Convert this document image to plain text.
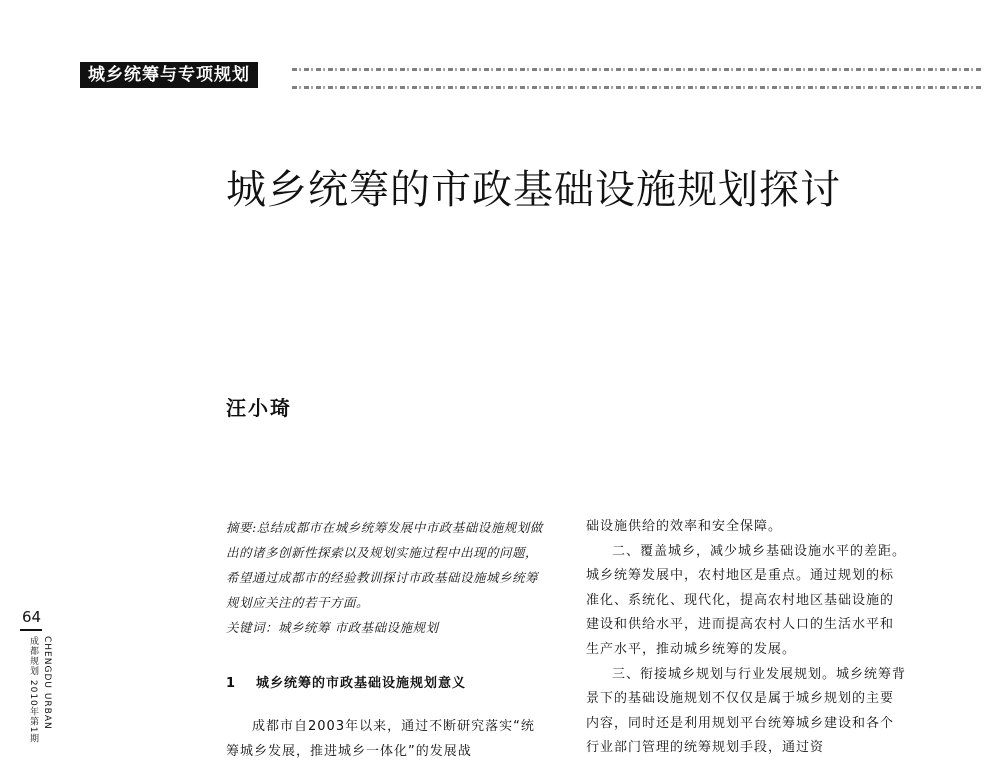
城乡统筹与专项规划
城乡统筹的市政基础设施规划探讨
汪小琦

摘要:总结成都市在城乡统筹发展中市政基础设施规划做出的诸多创新性探索以及规划实施过程中出现的问题，希望通过成都市的经验教训探讨市政基础设施城乡统筹规划应关注的若干方面。

关键词：城乡统筹 市政基础设施规划

1 城乡统筹的市政基础设施规划意义

成都市自2003年以来，通过不断研究落实“统筹城乡发展，推进城乡一体化”的发展战

础设施供给的效率和安全保障。

二、覆盖城乡，减少城乡基础设施水平的差距。城乡统筹发展中，农村地区是重点。通过规划的标准化、系统化、现代化，提高农村地区基础设施的建设和供给水平，进而提高农村人口的生活水平和生产水平，推动城乡统筹的发展。

三、衔接城乡规划与行业发展规划。城乡统筹背景下的基础设施规划不仅仅是属于城乡规划的主要内容，同时还是利用规划平台统筹城乡建设和各个行业部门管理的统筹规划手段，通过资

64
成都规划 2010年第1期 CHENGDU URBAN
